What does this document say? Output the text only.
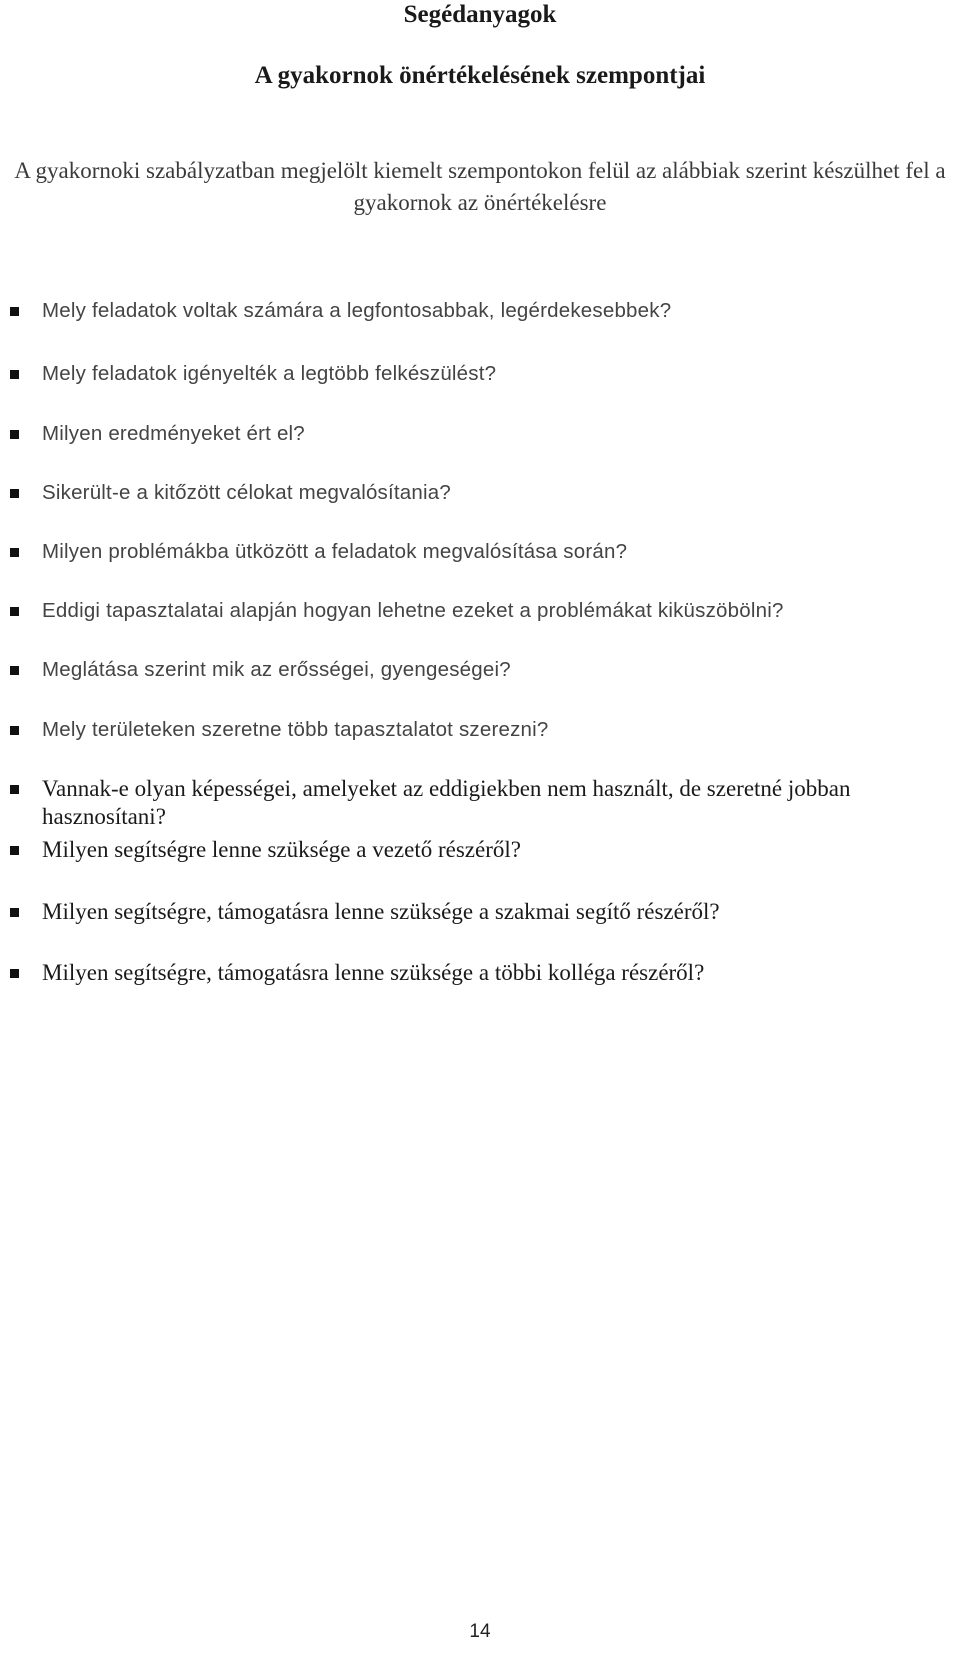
Segédanyagok
A gyakornok önértékelésének szempontjai

A gyakornoki szabályzatban megjelölt kiemelt szempontokon felül az alábbiak szerint készülhet fel a gyakornok az önértékelésre

Mely feladatok voltak számára a legfontosabbak, legérdekesebbek?
Mely feladatok igényelték a legtöbb felkészülést?
Milyen eredményeket ért el?
Sikerült-e a kitőzött célokat megvalósítania?
Milyen problémákba ütközött a feladatok megvalósítása során?
Eddigi tapasztalatai alapján hogyan lehetne ezeket a problémákat kiküszöbölni?
Meglátása szerint mik az erősségei, gyengeségei?
Mely területeken szeretne több tapasztalatot szerezni?
Vannak-e olyan képességei, amelyeket az eddigiekben nem használt, de szeretné jobban hasznosítani?
Milyen segítségre lenne szüksége a vezető részéről?
Milyen segítségre, támogatásra lenne szüksége a szakmai segítő részéről?
Milyen segítségre, támogatásra lenne szüksége a többi kolléga részéről?

14
